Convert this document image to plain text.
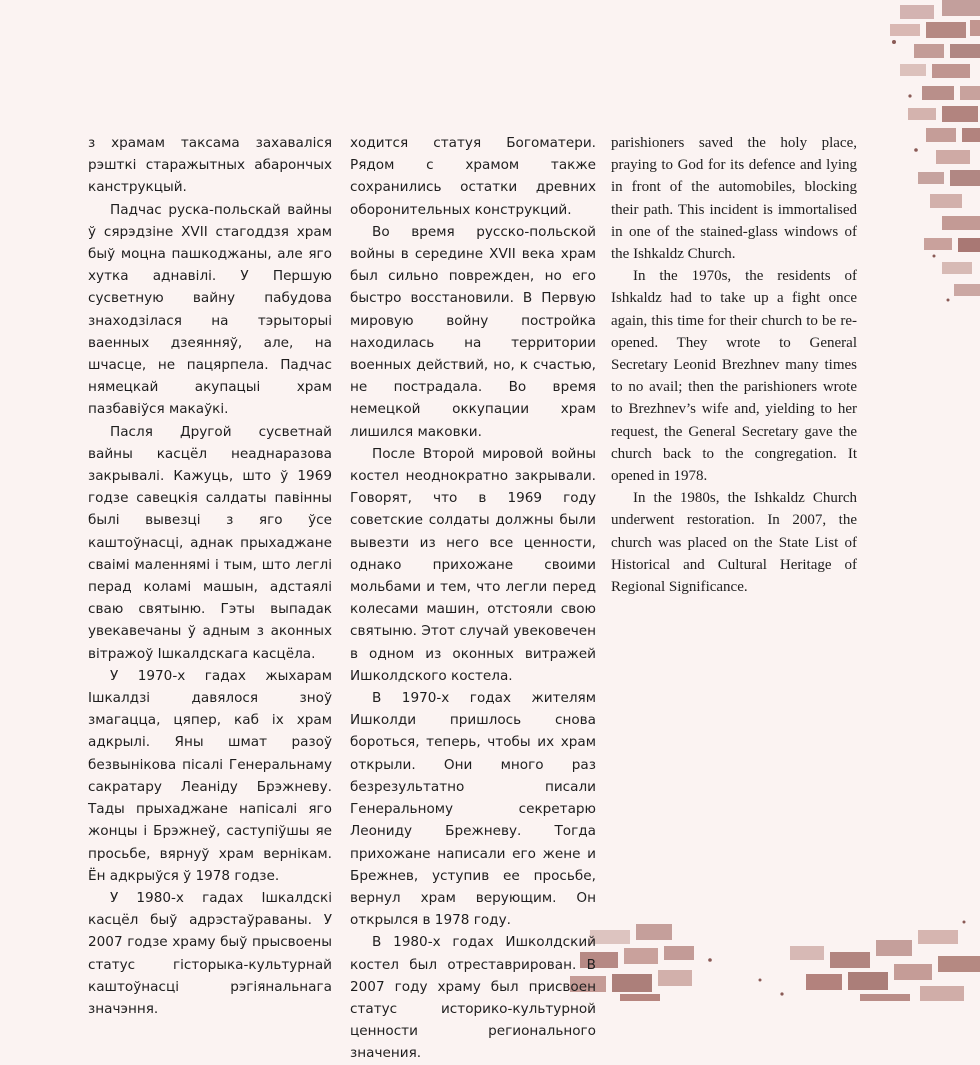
з храмам таксама захаваліся рэшткі старажытных абарончых канструкцый.

Падчас руска-польскай вайны ў сярэдзіне XVII стагоддзя храм быў моцна пашкоджаны, але яго хутка аднавілі. У Першую сусветную вайну пабудова знаходзілася на тэрыторыі ваенных дзеянняў, але, на шчасце, не пацярпела. Падчас нямецкай акупацыі храм пазбавіўся макаўкі.

Пасля Другой сусветнай вайны касцёл неаднаразова закрывалі. Кажуць, што ў 1969 годзе савецкія салдаты павінны былі вывезці з яго ўсе каштоўнасці, аднак прыхаджане сваімі маленнямі і тым, што леглі перад коламі машын, адстаялі сваю святыню. Гэты выпадак увекавечаны ў адным з аконных вітражоў Ішкалдскага касцёла.

У 1970-х гадах жыхарам Ішкалдзі давялося зноў змагацца, цяпер, каб іх храм адкрылі. Яны шмат разоў безвынікова пісалі Генеральнаму сакратару Леаніду Брэжневу. Тады прыхаджане напісалі яго жонцы і Брэжнеў, саступіўшы яе просьбе, вярнуў храм вернікам. Ён адкрыўся ў 1978 годзе.

У 1980-х гадах Ішкалдскі касцёл быў адрэстаўраваны. У 2007 годзе храму быў прысвоены статус гісторыка-культурнай каштоўнасці рэгіянальнага значэння.

ходится статуя Богоматери. Рядом с храмом также сохранились остатки древних оборонительных конструкций.

Во время русско-польской войны в середине XVII века храм был сильно поврежден, но его быстро восстановили. В Первую мировую войну постройка находилась на территории военных действий, но, к счастью, не пострадала. Во время немецкой оккупации храм лишился маковки.

После Второй мировой войны костел неоднократно закрывали. Говорят, что в 1969 году советские солдаты должны были вывезти из него все ценности, однако прихожане своими мольбами и тем, что легли перед колесами машин, отстояли свою святыню. Этот случай увековечен в одном из оконных витражей Ишколдского костела.

В 1970-х годах жителям Ишколди пришлось снова бороться, теперь, чтобы их храм открыли. Они много раз безрезультатно писали Генеральному секретарю Леониду Брежневу. Тогда прихожане написали его жене и Брежнев, уступив ее просьбе, вернул храм верующим. Он открылся в 1978 году.

В 1980-х годах Ишколдский костел был отреставрирован. В 2007 году храму был присвоен статус историко-культурной ценности регионального значения.

parishioners saved the holy place, praying to God for its defence and lying in front of the automobiles, blocking their path. This incident is immortalised in one of the stained-glass windows of the Ishkaldz Church.

In the 1970s, the residents of Ishkaldz had to take up a fight once again, this time for their church to be re-opened. They wrote to General Secretary Leonid Brezhnev many times to no avail; then the parishioners wrote to Brezhnev’s wife and, yielding to her request, the General Secretary gave the church back to the congregation. It opened in 1978.

In the 1980s, the Ishkaldz Church underwent restoration. In 2007, the church was placed on the State List of Historical and Cultural Heritage of Regional Significance.
